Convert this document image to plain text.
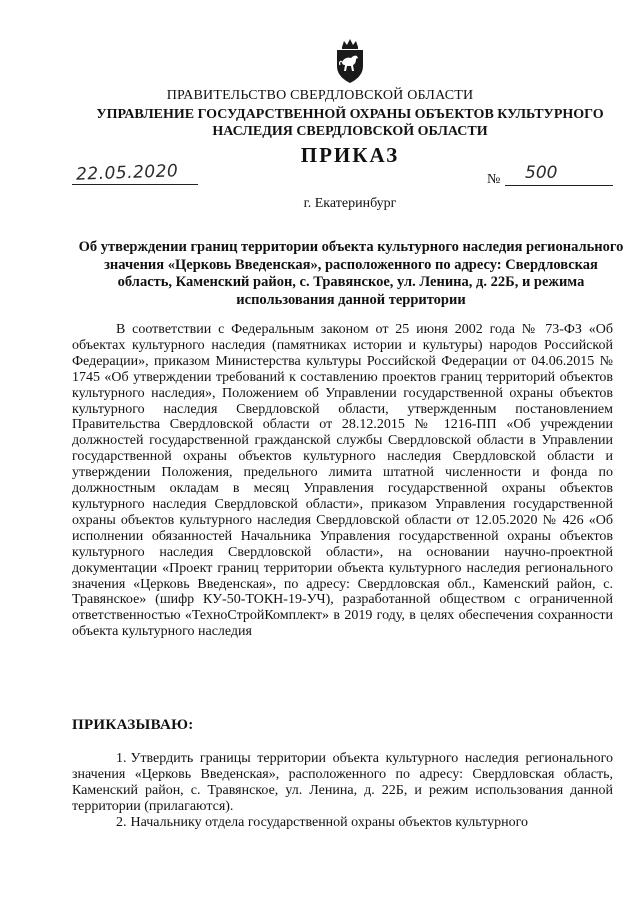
ПРАВИТЕЛЬСТВО СВЕРДЛОВСКОЙ ОБЛАСТИ
УПРАВЛЕНИЕ ГОСУДАРСТВЕННОЙ ОХРАНЫ ОБЪЕКТОВ КУЛЬТУРНОГО НАСЛЕДИЯ СВЕРДЛОВСКОЙ ОБЛАСТИ
ПРИКАЗ
22.05.2020	№ 500
г. Екатеринбург
Об утверждении границ территории объекта культурного наследия регионального значения «Церковь Введенская», расположенного по адресу: Свердловская область, Каменский район, с. Травянское, ул. Ленина, д. 22Б, и режима использования данной территории
В соответствии с Федеральным законом от 25 июня 2002 года № 73-ФЗ «Об объектах культурного наследия (памятниках истории и культуры) народов Российской Федерации», приказом Министерства культуры Российской Федерации от 04.06.2015 № 1745 «Об утверждении требований к составлению проектов границ территорий объектов культурного наследия», Положением об Управлении государственной охраны объектов культурного наследия Свердловской области, утвержденным постановлением Правительства Свердловской области от 28.12.2015 № 1216-ПП «Об учреждении должностей государственной гражданской службы Свердловской области в Управлении государственной охраны объектов культурного наследия Свердловской области и утверждении Положения, предельного лимита штатной численности и фонда по должностным окладам в месяц Управления государственной охраны объектов культурного наследия Свердловской области», приказом Управления государственной охраны объектов культурного наследия Свердловской области от 12.05.2020 № 426 «Об исполнении обязанностей Начальника Управления государственной охраны объектов культурного наследия Свердловской области», на основании научно-проектной документации «Проект границ территории объекта культурного наследия регионального значения «Церковь Введенская», по адресу: Свердловская обл., Каменский район, с. Травянское» (шифр КУ-50-ТОКН-19-УЧ), разработанной обществом с ограниченной ответственностью «ТехноСтройКомплект» в 2019 году, в целях обеспечения сохранности объекта культурного наследия
ПРИКАЗЫВАЮ:
1. Утвердить границы территории объекта культурного наследия регионального значения «Церковь Введенская», расположенного по адресу: Свердловская область, Каменский район, с. Травянское, ул. Ленина, д. 22Б, и режим использования данной территории (прилагаются).
2. Начальнику отдела государственной охраны объектов культурного
